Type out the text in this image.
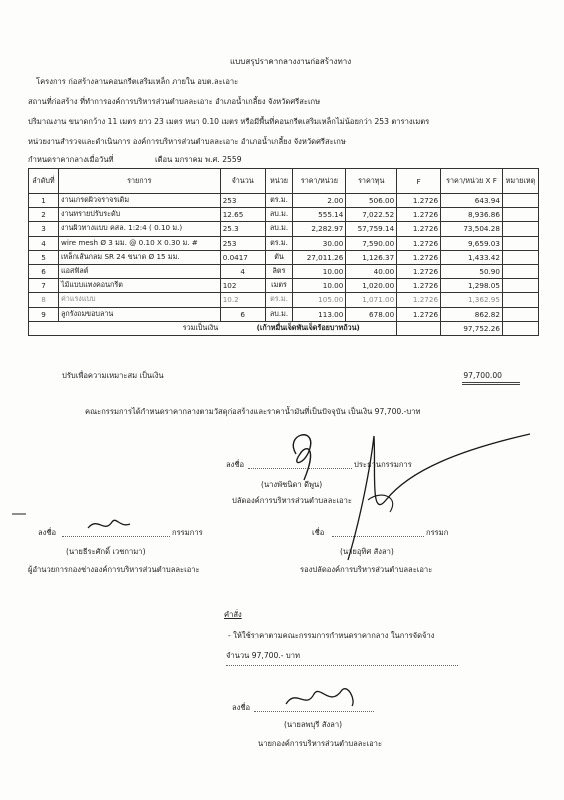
แบบสรุปราคากลางงานก่อสร้างทาง
โครงการ ก่อสร้างลานคอนกรีตเสริมเหล็ก ภายใน อบต.ละเอาะ
สถานที่ก่อสร้าง ที่ทำการองค์การบริหารส่วนตำบลละเอาะ อำเภอน้ำเกลี้ยง จังหวัดศรีสะเกษ
ปริมาณงาน ขนาดกว้าง 11 เมตร ยาว 23 เมตร หนา 0.10 เมตร หรือมีพื้นที่คอนกรีตเสริมเหล็กไม่น้อยกว่า 253 ตารางเมตร
หน่วยงานสำรวจและดำเนินการ องค์การบริหารส่วนตำบลละเอาะ อำเภอน้ำเกลี้ยง จังหวัดศรีสะเกษ
กำหนดราคากลางเมื่อวันที่	เดือน มกราคม พ.ศ. 2559
ลำดับที่	รายการ	จำนวน	หน่วย	ราคา/หน่วย	ราคาทุน	F	ราคา/หน่วย X F	หมายเหตุ
1	งานเกรดผิวจราจรเดิม	253	ตร.ม.	2.00	506.00	1.2726	643.94	
2	งานทรายปรับระดับ	12.65	ลบ.ม.	555.14	7,022.52	1.2726	8,936.86	
3	งานผิวทางแบบ คสล. 1:2:4 ( 0.10 ม.)	25.3	ลบ.ม.	2,282.97	57,759.14	1.2726	73,504.28	
4	wire mesh Ø 3 มม. @ 0.10 X 0.30 ม. #	253	ตร.ม.	30.00	7,590.00	1.2726	9,659.03	
5	เหล็กเส้นกลม SR 24 ขนาด Ø 15 มม.	0.0417	ตัน	27,011.26	1,126.37	1.2726	1,433.42	
6	แอสฟัลต์	4	ลิตร	10.00	40.00	1.2726	50.90	
7	ไม้แบบแทงคอนกรีต	102	เมตร	10.00	1,020.00	1.2726	1,298.05	
8	ค่าแรงแบบ	10.2	ตร.ม.	105.00	1,071.00	1.2726	1,362.95	
9	ลูกรังถมขอบลาน	6	ลบ.ม.	113.00	678.00	1.2726	862.82	
	รวมเป็นเงิน	(เก้าหมื่นเจ็ดพันเจ็ดร้อยบาทถ้วน)					97,752.26	
ปรับเพื่อความเหมาะสม เป็นเงิน	97,700.00
คณะกรรมการได้กำหนดราคากลางตามวัสดุก่อสร้างและราคาน้ำมันที่เป็นปัจจุบัน เป็นเงิน 97,700.-บาท
ลงชื่อ	ประธานกรรมการ
(นางพัชนิดา ดีพูน)
ปลัดองค์การบริหารส่วนตำบลละเอาะ
ลงชื่อ	กรรมการ
(นายธีระศักดิ์ เวชกามา)
ผู้อำนวยการกองช่างองค์การบริหารส่วนตำบลละเอาะ
เชื่อ	กรรมก
(นายอุทิศ สังลา)
รองปลัดองค์การบริหารส่วนตำบลละเอาะ
คำสั่ง
- ให้ใช้ราคาตามคณะกรรมการกำหนดราคากลาง ในการจัดจ้าง
จำนวน 97,700.- บาท
ลงชื่อ
(นายลพบุรี สังลา)
นายกองค์การบริหารส่วนตำบลละเอาะ
